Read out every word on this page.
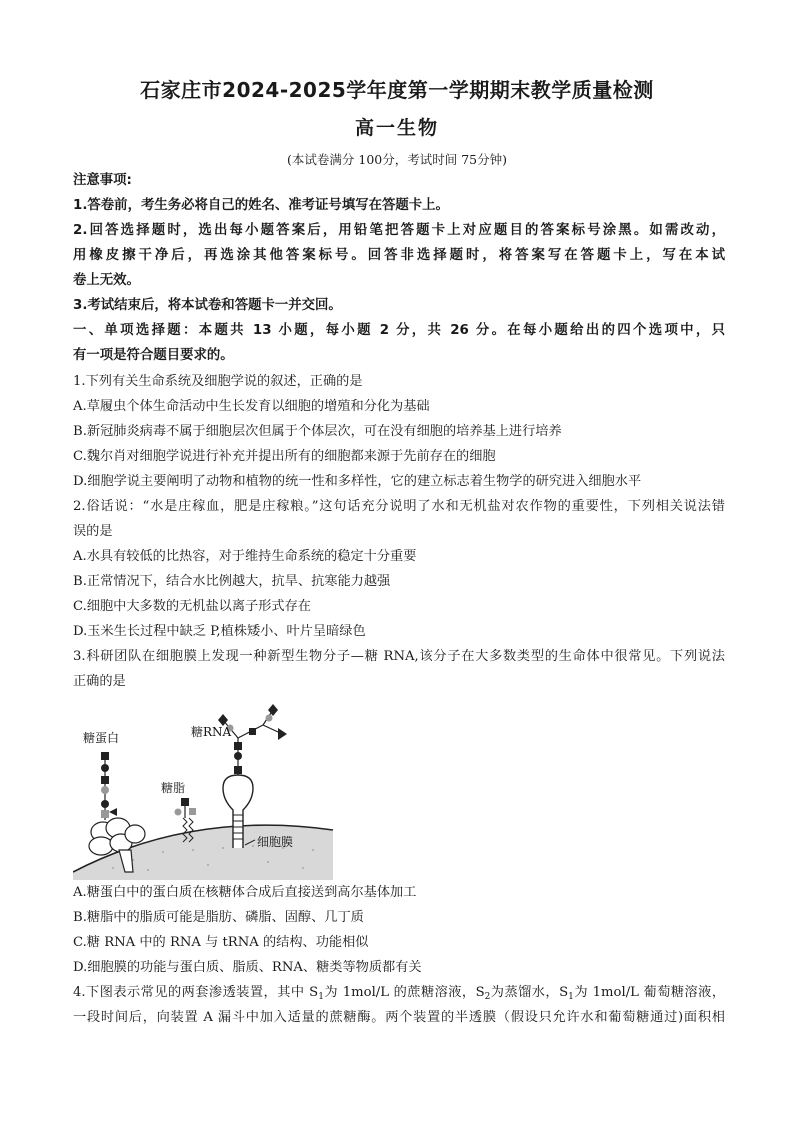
石家庄市2024-2025学年度第一学期期末教学质量检测
高一生物
(本试卷满分 100分，考试时间 75分钟)
注意事项:
1.答卷前，考生务必将自己的姓名、准考证号填写在答题卡上。
2.回答选择题时，选出每小题答案后，用铅笔把答题卡上对应题目的答案标号涂黑。如需改动，
用橡皮擦干净后，再选涂其他答案标号。回答非选择题时，将答案写在答题卡上，写在本试
卷上无效。
3.考试结束后，将本试卷和答题卡一并交回。
一、单项选择题：本题共 13 小题，每小题 2 分，共 26 分。在每小题给出的四个选项中，只
有一项是符合题目要求的。
1.下列有关生命系统及细胞学说的叙述，正确的是
A.草履虫个体生命活动中生长发育以细胞的增殖和分化为基础
B.新冠肺炎病毒不属于细胞层次但属于个体层次，可在没有细胞的培养基上进行培养
C.魏尔肖对细胞学说进行补充并提出所有的细胞都来源于先前存在的细胞
D.细胞学说主要阐明了动物和植物的统一性和多样性，它的建立标志着生物学的研究进入细胞水平
2.俗话说：“水是庄稼血，肥是庄稼粮。”这句话充分说明了水和无机盐对农作物的重要性，下列相关说法错
误的是
A.水具有较低的比热容，对于维持生命系统的稳定十分重要
B.正常情况下，结合水比例越大，抗旱、抗寒能力越强
C.细胞中大多数的无机盐以离子形式存在
D.玉米生长过程中缺乏 P,植株矮小、叶片呈暗绿色
3.科研团队在细胞膜上发现一种新型生物分子—糖 RNA,该分子在大多数类型的生命体中很常见。下列说法
正确的是
糖蛋白	糖RNA
糖脂
细胞膜
A.糖蛋白中的蛋白质在核糖体合成后直接送到高尔基体加工
B.糖脂中的脂质可能是脂肪、磷脂、固醇、几丁质
C.糖 RNA 中的 RNA 与 tRNA 的结构、功能相似
D.细胞膜的功能与蛋白质、脂质、RNA、糖类等物质都有关
4.下图表示常见的两套渗透装置，其中 $S_1$为 1mol/L 的蔗糖溶液，$S_2$为蒸馏水，$S_1$为 1mol/L 葡萄糖溶液，
一段时间后，向装置 A 漏斗中加入适量的蔗糖酶。两个装置的半透膜（假设只允许水和葡萄糖通过)面积相
